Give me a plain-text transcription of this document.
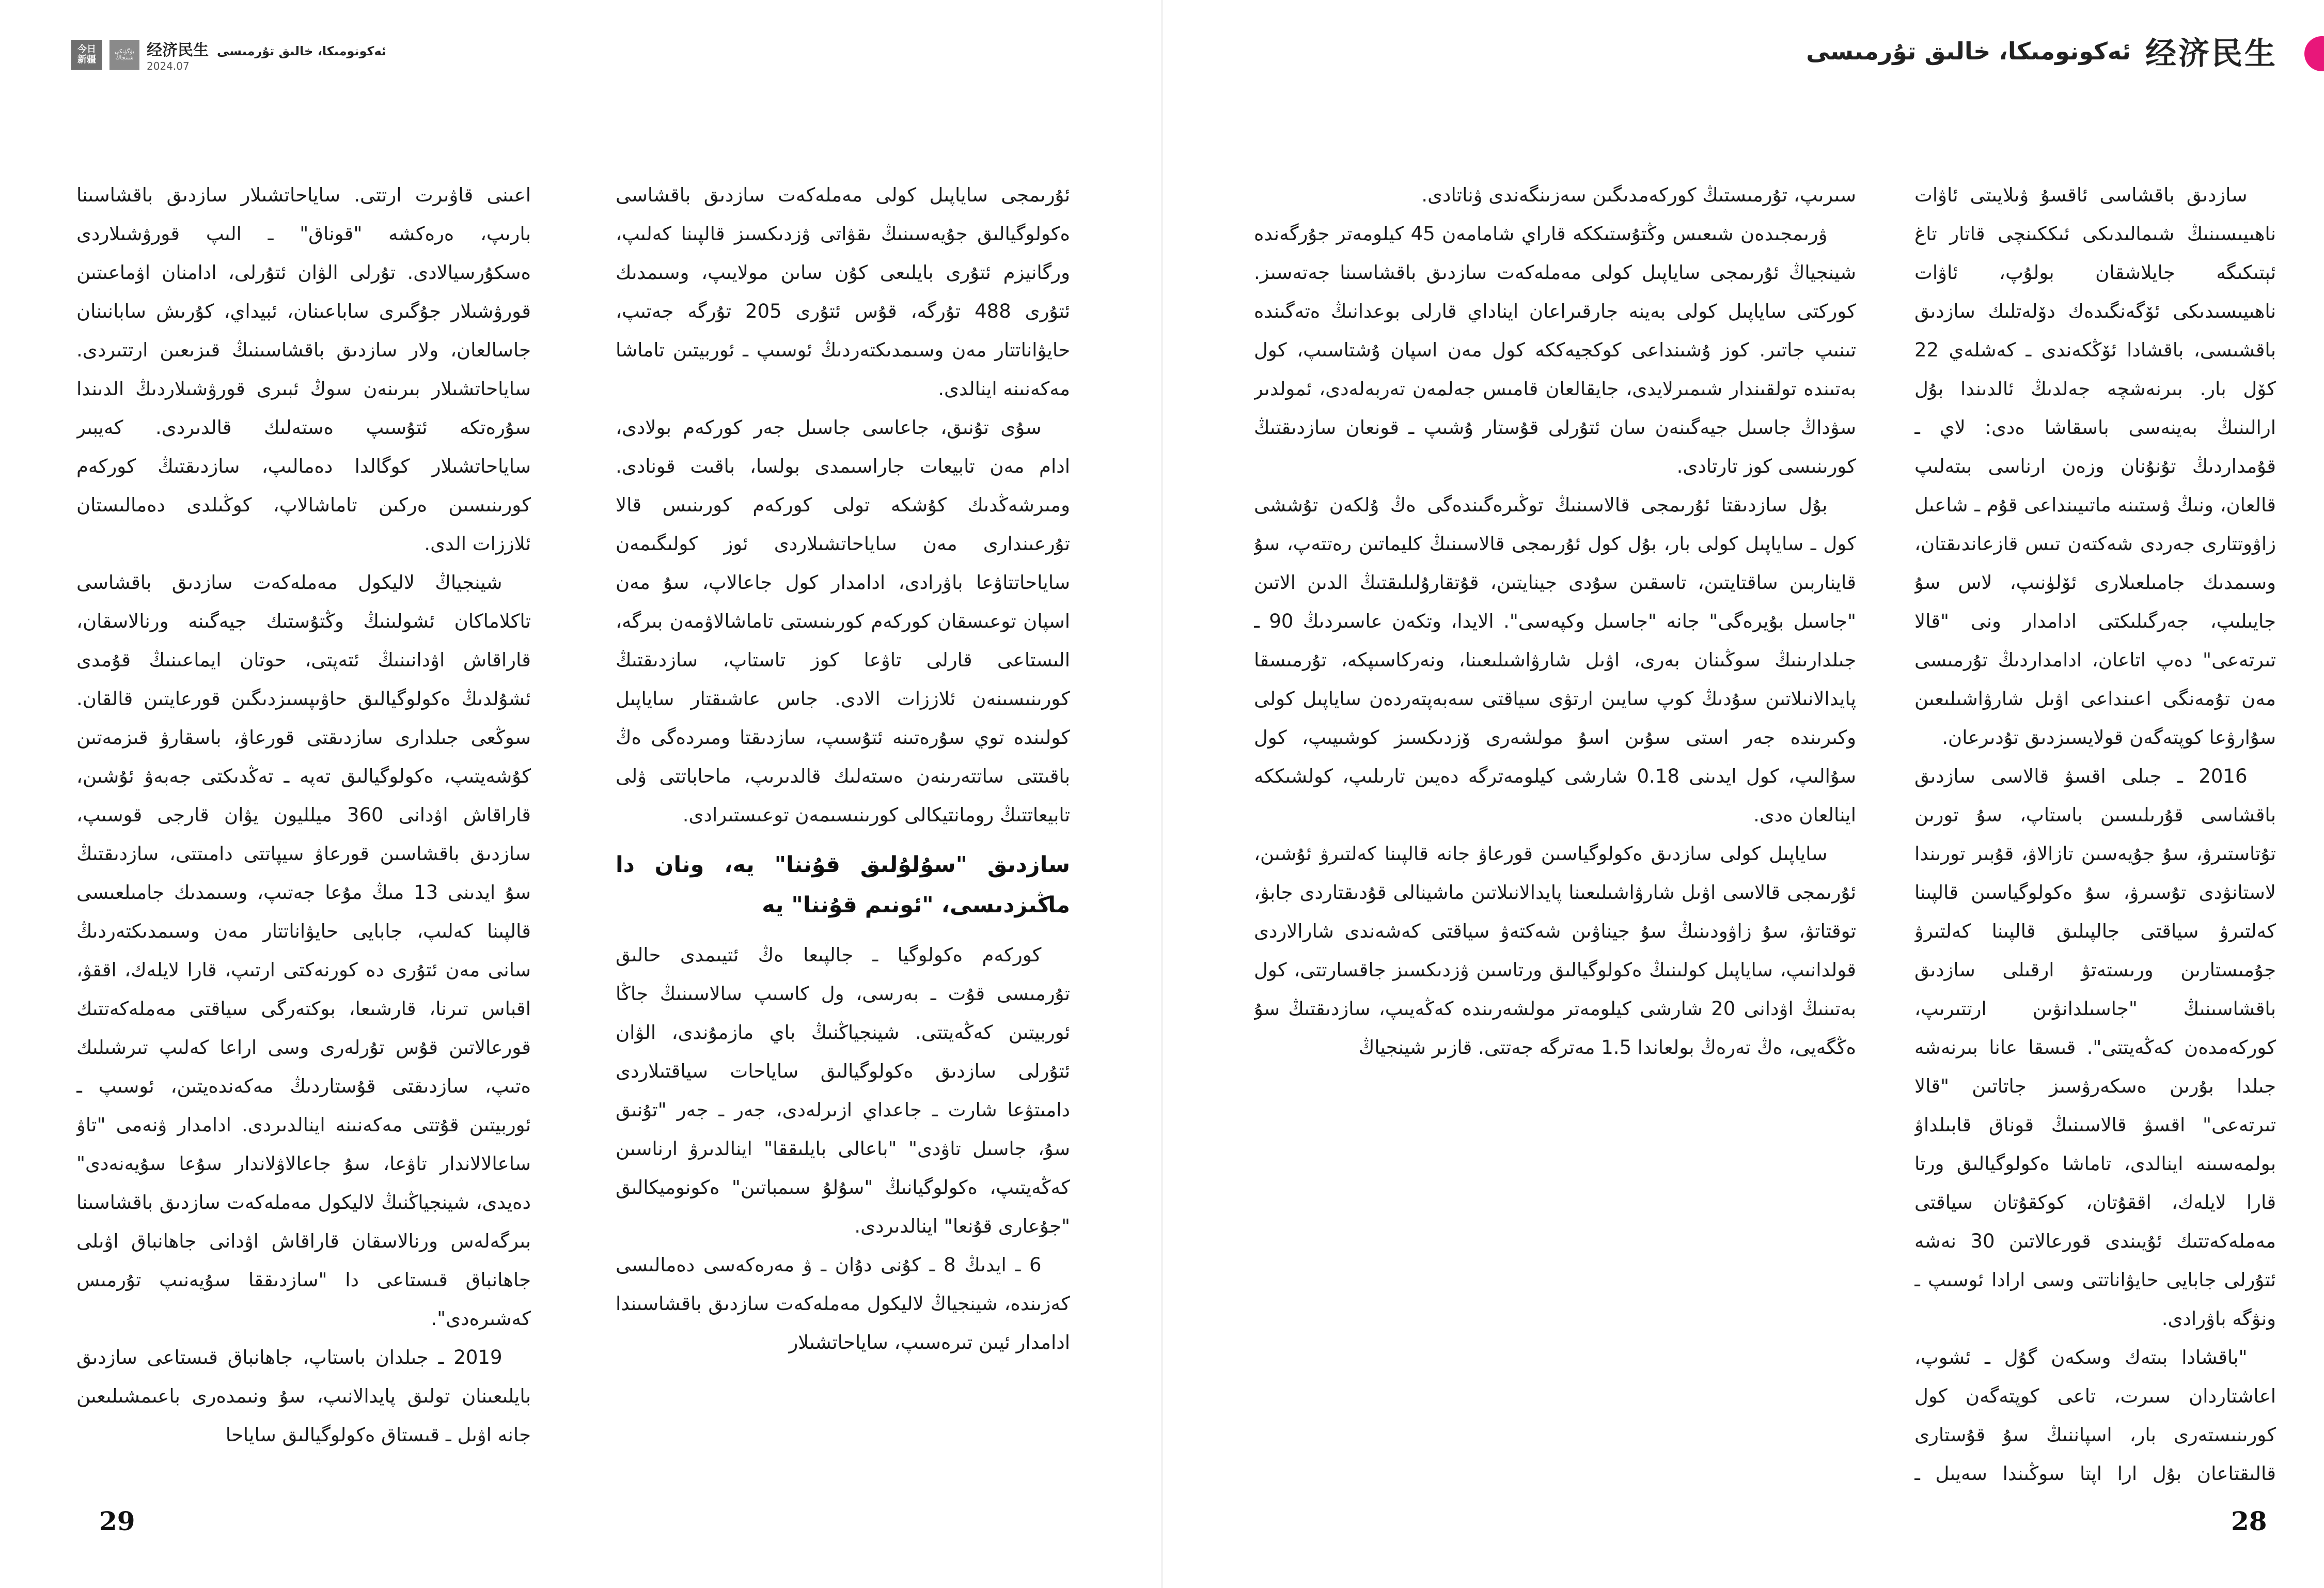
经济民生
ئەكونومىكا، خالىق تۇرمىسى

سازدىق باقشاسى ئاقسۇ ۋىلايىتى ئاۋات ناھىيىسىنىڭ شىمالىدىكى ئىككىنچى قاتار تاغ ئېتىكىگە جايلاشقان بولۇپ، ئاۋات ناھىيىسىدىكى ئۆگەنگىدەك دۆلەتلىك سازدىق باقشىسى، باقشادا ئۆڭكەندى ـ كەشلەي 22 كۆل بار. بىرنەشچە جەلدىڭ ئالدىندا بۇل ارالىنىڭ بەينەسى باسقاشا ەدى: لاي ـ قۇمداردىڭ تۇنۇنان وزەن ارناسى بىتەلىپ قالعان، ونىڭ ۋستىنە ماتىيىنداعى قۇم ـ شاعىل زاۋوتتارى جەردى شەكتەن تىس قازعاندىقتان، وسىمدىك جامىلعىلارى ئۆلۈنىپ، لاس سۇ جايىلىپ، جەرگىلىكتى ادامدار ونى "قالا تىرتەعى" دەپ اتاعان، ادامداردىڭ تۇرمىسى مەن تۇمەنگى اعىنداعى اۋىل شارۋاشىلىعىن سۇارۋعا كوپتەگەن قولايسىزدىق تۇدىرعان.

2016 ـ جىلى اقسۋ قالاسى سازدىق باقشاسى قۇرىلىسىن باستاپ، سۇ تورىن تۇتاستىرۋ، سۇ جۇيەسىن تازالاۋ، قۇبىر تورىندا لاستانۋدى تۇسىرۋ، سۇ ەكولوگياسىن قالپىنا كەلتىرۋ سياقتى جالپىلىق قالپىنا كەلتىرۋ جۇمىستارىن ورىستەتۋ ارقىلى سازدىق باقشاسىنىڭ "جاسىلدانۋىن ارتتىرىپ، كوركەمدەن كەڭەيتتى". قىسقا عانا بىرنەشە جىلدا بۇرىن ەسكەرۋسىز جاتاتىن "قالا تىرتەعى" اقسۋ قالاسىنىڭ قوناق قابىلداۋ بولمەسىنە اينالدى، تاماشا ەكولوگيالىق ورتا قارا لايلەك، اققۇتان، كوكقۇتان سياقتى مەملەكەتتىك ئۇيىندى قورعالاتىن 30 نەشە ئتۇرلى جابايى حايۋاناتتى وسى ارادا ئوسىپ ـ ونۋگە باۋرادى.

"باقشادا بىتەك وسكەن گۇل ـ ئشوپ، اعاشتاردان سىرت، تاعى كوپتەگەن كول كورىنىستەرى بار، اسپاننىڭ سۇ قۇستارى قالىقتاعان بۇل ارا اپتا سوڭىندا سەيىل ـ

سىرىپ، تۇرمىستىڭ كوركەمدىگىن سەزىنگەندى ۋناتادى.

ۋرىمجىدەن شىعىس وڭتۇستىككە قاراي شامامەن 45 كيلومەتر جۇرگەندە شينجياڭ ئۇرىمجى ساياپىل كولى مەملەكەت سازدىق باقشاسىنا جەتەسىز. كوركتى ساياپىل كولى بەينە جارقىراعان ايناداي قارلى بوعدانىڭ ەتەگىندە تىنىپ جاتىر. كوز ۇشىنداعى كوكجيەككە كول مەن اسپان ۇشتاسىپ، كول بەتىندە تولقىندار شىمىرلايدى، جايقالعان قامىس جەلمەن تەربەلەدى، ئمولدىر سۋداڭ جاسىل جيەگىنەن سان ئتۇرلى قۇستار ۇشىپ ـ قونعان سازدىقتىڭ كورىنىسى كوز تارتادى.

بۇل سازدىقتا ئۇرىمجى قالاسىنىڭ توڭىرەگىندەگى ەڭ ۇلكەن تۇششى كول ـ ساياپىل كولى بار، بۇل كول ئۇرىمجى قالاسىنىڭ كليماتىن رەتتەپ، سۇ قايناربىن ساقتايتىن، تاسقىن سۇدى جينايتىن، قۇتقارۇلىلىقتىڭ الدىن الاتىن "جاسىل بۇيرەگى" جانە "جاسىل وكپەسى". الايدا، وتكەن عاسىردىڭ 90 ـ جىلدارىنىڭ سوڭىنان بەرى، اۋىل شارۋاشىلىعىنا، ونەركاسىپكە، تۇرمىسقا پايدالانىلاتىن سۇدىڭ كوپ سايىن ارتۋى سياقتى سەبەپتەردەن ساياپىل كولى وكىرىندە جەر استى سۇىن اسۇ مولشەرى ۆزدىكسىز كوشىيىپ، كول سۇالىپ، كول ايدىنى 0.18 شارشى كيلومەترگە دەيىن تارىلىپ، كولشىككە اينالعان ەدى.

ساياپىل كولى سازدىق ەكولوگياسىن قورعاۋ جانە قالپىنا كەلتىرۋ ئۇشىن، ئۇرىمجى قالاسى اۋىل شارۋاشىلىعىنا پايدالانىلاتىن ماشينالى قۇدىقتاردى جابۋ، توقتاتۋ، سۇ زاۋودىنىڭ سۇ جيناۋىن شەكتەۋ سياقتى كەشەندى شارالاردى قولدانىپ، ساياپىل كولىنىڭ ەكولوگيالىق ورتاسىن ۋزدىكسىز جاقسارتتى، كول بەتىنىڭ اۋدانى 20 شارشى كيلومەتر مولشەرىندە كەڭەيىپ، سازدىقتىڭ سۇ ەڭگەيى، ەڭ تەرەڭ بولعاندا 1.5 مەترگە جەتتى. قازىر شينجياڭ

28
今日 新疆
بۈگۈنكى شىنجاڭ 经济民生 ئەكونومىكا، خالىق تۇرمىسى
2024.07

ئۇرىمجى ساياپىل كولى مەملەكەت سازدىق باقشاسى ەكولوگيالىق جۇيەسىنىڭ ىقۋاتى ۋزدىكسىز قالپىنا كەلىپ، ورگانيزم ئتۇرى بايلىعى كۇن ساىن مولايىپ، وسىمدىك ئتۇرى 488 تۇرگە، قۇس ئتۇرى 205 تۇرگە جەتىپ، حايۋاناتتار مەن وسىمدىكتەردىڭ ئوسىپ ـ ئوربيتىن تاماشا مەكەنىنە اينالدى.

سۇى تۇنىق، جاعاسى جاسىل جەر كوركەم بولادى، ادام مەن تابيعات جاراسىمدى بولسا، باقىت قونادى. ومىرشەڭدىك كۇشكە تولى كوركەم كورىنىس قالا تۇرعىندارى مەن ساياحاتشىلاردى ئوز كولىگىمەن ساياحاتتاۋعا باۋرادى، ادامدار كول جاعالاپ، سۇ مەن اسپان توعىسقان كوركەم كورىنىستى تاماشالاۋمەن بىرگە، الىستاعى قارلى تاۋعا كوز تاستاپ، سازدىقتىڭ كورىنىسىنەن ئلاززات الادى. جاس عاشىقتار ساياپىل كولىندە توي سۇرەتىنە ئتۇسىپ، سازدىقتا ومىردەگى ەڭ باقىتتى ساتتەرىنەن ەستەلىك قالدىرىپ، ماحاباتتى ۋلى تابيعاتتىڭ رومانتيكالى كورىنىسىمەن توعىستىرادى.

سازدىق "سۇلۇلىق قۇننا" يە، ونان دا ماڭىزدىسى، "ئونىم قۇننا" يە

كوركەم ەكولوگيا ـ جالپىعا ەڭ ئتيىمدى حالىق تۇرمىسى قۇت ـ بەرسى، ول كاسىپ سالاسىنىڭ جاڭا ئوربيتىن كەڭەيتتى. شينجياڭنىڭ باي مازمۇندى، الۋان ئتۇرلى سازدىق ەكولوگيالىق ساياحات سياقتىلاردى دامىتۋعا شارت ـ جاعداي ازىرلەدى، جەر ـ جەر "تۇنىق سۇ، جاسىل تاۋدى" "باعالى بايلىققا" اينالدىرۋ ارناسىن كەڭەيتىپ، ەكولوگيانىڭ "سۇلۇ سىمباتىن" ەكونوميكالىق "جۇعارى قۇنعا" اينالدىردى.

6 ـ ايدىڭ 8 ـ كۇنى دۇان ـ ۋ مەرەكەسى دەمالىسى كەزىندە، شينجياڭ لاليكول مەملەكەت سازدىق باقشاسىندا ادامدار ئيىن تىرەسىپ، ساياحاتشىلار

اعىنى قاۋىرت ارتتى. ساياحاتشىلار سازدىق باقشاسىنا بارىپ، ەرەكشە "قوناق" ـ الىپ قورۋشىلاردى ەسكۇرسيالادى. تۇرلى الۋان ئتۇرلى، ادامنان اۋماعىتىن قورۋشىلار جۇگىرى ساباعىنان، ئبيداي، كۇرىش سابانىنان جاسالعان، ولار سازدىق باقشاسىنىڭ قىزىعىن ارتتىردى. ساياحاتشىلار بىرىنەن سوڭ ئبىرى قورۋشىلاردىڭ الدىندا سۇرەتكە ئتۇسىپ ەستەلىك قالدىردى. كەيبىر ساياحاتشىلار كوگالدا دەمالىپ، سازدىقتىڭ كوركەم كورىنىسىن ەركىن تاماشالاپ، كوڭىلدى دەمالىستان ئلاززات الدى.

شينجياڭ لاليكول مەملەكەت سازدىق باقشاسى تاكلاماكان ئشولىنىڭ وڭتۇستىك جيەگىنە ورنالاسقان، قاراقاش اۋدانىنىڭ ئتەپتى، حوتان ايماعىنىڭ قۇمدى ئشۇلدىڭ ەكولوگيالىق حاۋىپسىزدىگىن قورعايتىن قالقان. سوڭعى جىلدارى سازدىقتى قورعاۋ، باسقارۋ قىزمەتىن كۇشەيتىپ، ەكولوگيالىق تەپە ـ تەڭدىكتى جەبەۋ ئۇشىن، قاراقاش اۋدانى 360 ميلليون يۋان قارجى قوسىپ، سازدىق باقشاسىن قورعاۋ سيپاتتى دامىتتى، سازدىقتىڭ سۇ ايدىنى 13 مىڭ مۇعا جەتىپ، وسىمدىك جامىلعىسى قالپىنا كەلىپ، جابايى حايۋاناتتار مەن وسىمدىكتەردىڭ سانى مەن ئتۇرى دە كورنەكتى ارتىپ، قارا لايلەك، اققۋ، اقباس تىرنا، قارشىعا، بوكتەرگى سياقتى مەملەكەتتىك قورعالاتىن قۇس تۇرلەرى وسى اراعا كەلىپ تىرشىلىك ەتىپ، سازدىقتى قۇستاردىڭ مەكەندەيتىن، ئوسىپ ـ ئوربيتىن قۇتتى مەكەنىنە اينالدىردى. ادامدار ۋنەمى "تاۋ ساعالالاندار تاۋعا، سۇ جاعالاۋلاندار سۇعا سۇيەنەدى" دەيدى، شينجياڭنىڭ لاليكول مەملەكەت سازدىق باقشاسىنا بىرگەلەس ورنالاسقان قاراقاش اۋدانى جاھانباق اۋىلى جاھانباق قىستاعى دا "سازدىققا سۇيەنىپ تۇرمىس كەشىرەدى".

2019 ـ جىلدان باستاپ، جاھانباق قىستاعى سازدىق بايلىعىنان تولىق پايدالانىپ، سۇ ونىمدەرى باعىمشىلىعىن جانە اۋىل ـ قىستاق ەكولوگيالىق ساياحا

29
